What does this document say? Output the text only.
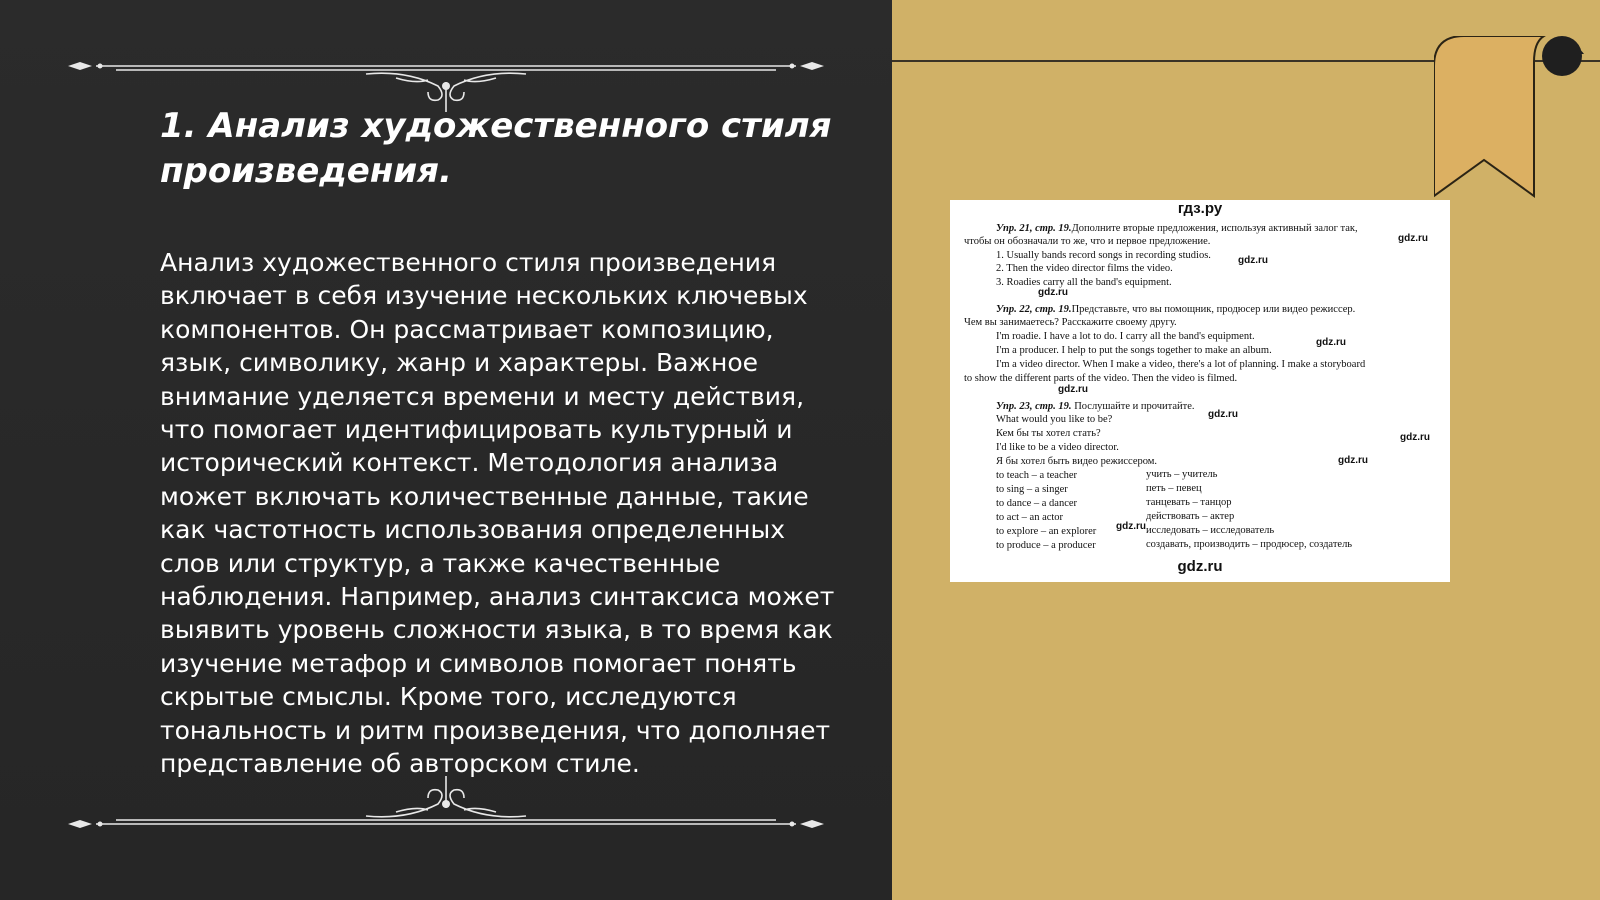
1. Анализ художественного стиля произведения.
Анализ художественного стиля произведения включает в себя изучение нескольких ключевых компонентов. Он рассматривает композицию, язык, символику, жанр и характеры. Важное внимание уделяется времени и месту действия, что помогает идентифицировать культурный и исторический контекст. Методология анализа может включать количественные данные, такие как частотность использования определенных слов или структур, а также качественные наблюдения. Например, анализ синтаксиса может выявить уровень сложности языка, в то время как изучение метафор и символов помогает понять скрытые смыслы. Кроме того, исследуются тональность и ритм произведения, что дополняет представление об авторском стиле.
гдз.ру
Упр. 21, стр. 19.Дополните вторые предложения, используя активный залог так,
чтобы он обозначали то же, что и первое предложение.	gdz.ru
1. Usually bands record songs in recording studios.	gdz.ru
2. Then the video director films the video.
3. Roadies carry all the band's equipment.
gdz.ru
Упр. 22, стр. 19.Представьте, что вы помощник, продюсер или видео режиссер.
Чем вы занимаетесь? Расскажите своему другу.
I'm roadie. I have a lot to do. I carry all the band's equipment.
gdz.ru
I'm a producer. I help to put the songs together to make an album.
I'm a video director. When I make a video, there's a lot of planning. I make a storyboard
to show the different parts of the video. Then the video is filmed.
gdz.ru
Упр. 23, стр. 19. Послушайте и прочитайте.
What would you like to be?	gdz.ru
Кем бы ты хотел стать?	gdz.ru
I'd like to be a video director.
Я бы хотел быть видео режиссером.	gdz.ru
to teach – a teacher	учить – учитель
to sing – a singer	петь – певец
to dance – a dancer	танцевать – танцор
to act – an actor	действовать – актер
to explore – an explorer gdz.ru исследовать – исследователь
to produce – a producer	создавать, производить – продюсер, создатель
gdz.ru
